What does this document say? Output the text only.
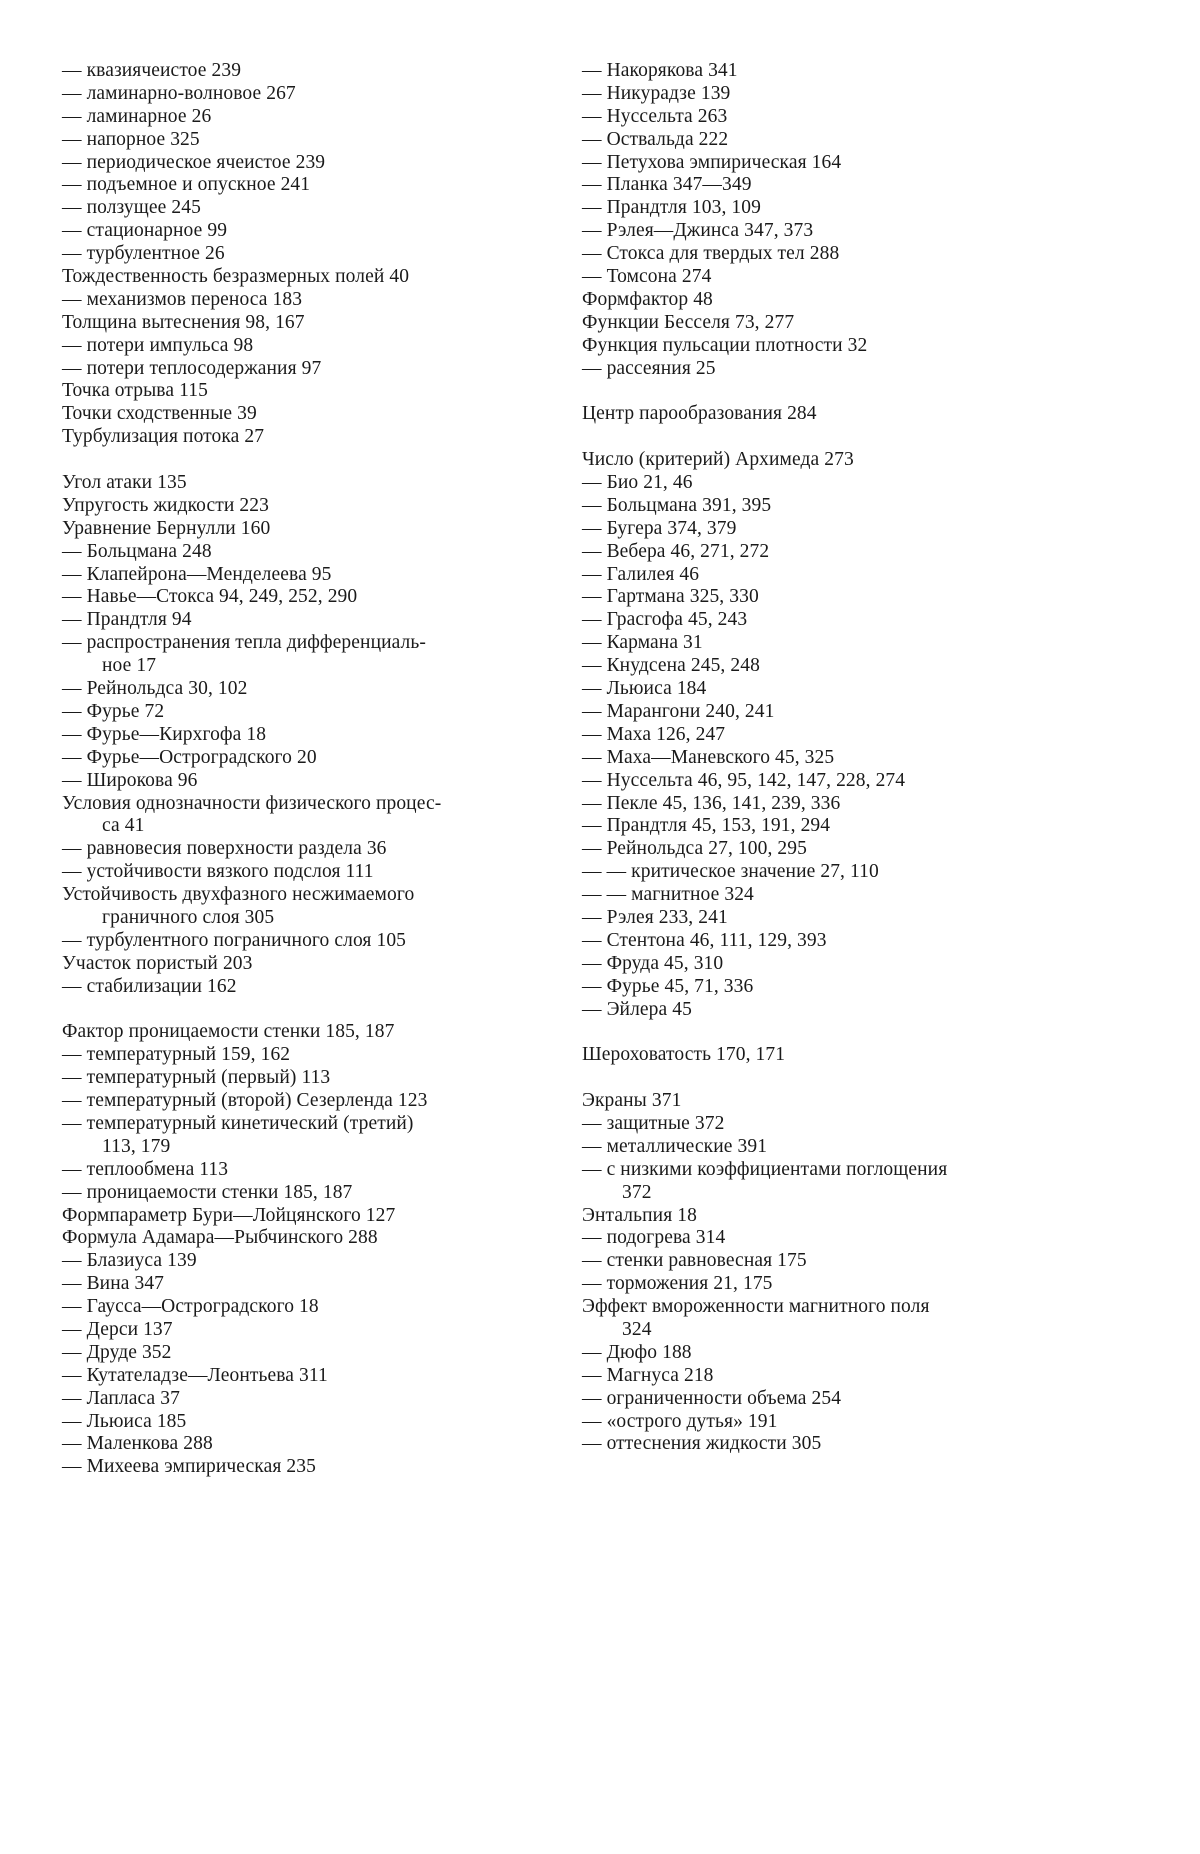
— квазиячеистое 239
— ламинарно-волновое 267
— ламинарное 26
— напорное 325
— периодическое ячеистое 239
— подъемное и опускное 241
— ползущее 245
— стационарное 99
— турбулентное 26
Тождественность безразмерных полей 40
— механизмов переноса 183
Толщина вытеснения 98, 167
— потери импульса 98
— потери теплосодержания 97
Точка отрыва 115
Точки сходственные 39
Турбулизация потока 27
Угол атаки 135
Упругость жидкости 223
Уравнение Бернулли 160
— Больцмана 248
— Клапейрона—Менделеева 95
— Навье—Стокса 94, 249, 252, 290
— Прандтля 94
— распространения тепла дифференциаль-
ное 17
— Рейнольдса 30, 102
— Фурье 72
— Фурье—Кирхгофа 18
— Фурье—Остроградского 20
— Широкова 96
Условия однозначности физического процес-
са 41
— равновесия поверхности раздела 36
— устойчивости вязкого подслоя 111
Устойчивость двухфазного несжимаемого
граничного слоя 305
— турбулентного пограничного слоя 105
Участок пористый 203
— стабилизации 162
Фактор проницаемости стенки 185, 187
— температурный 159, 162
— температурный (первый) 113
— температурный (второй) Сезерленда 123
— температурный кинетический (третий)
113, 179
— теплообмена 113
— проницаемости стенки 185, 187
Формпараметр Бури—Лойцянского 127
Формула Адамара—Рыбчинского 288
— Блазиуса 139
— Вина 347
— Гаусса—Остроградского 18
— Дерси 137
— Друде 352
— Кутателадзе—Леонтьева 311
— Лапласа 37
— Льюиса 185
— Маленкова 288
— Михеева эмпирическая 235
— Накорякова 341
— Никурадзе 139
— Нуссельта 263
— Оствальда 222
— Петухова эмпирическая 164
— Планка 347—349
— Прандтля 103, 109
— Рэлея—Джинса 347, 373
— Стокса для твердых тел 288
— Томсона 274
Формфактор 48
Функции Бесселя 73, 277
Функция пульсации плотности 32
— рассеяния 25
Центр парообразования 284
Число (критерий) Архимеда 273
— Био 21, 46
— Больцмана 391, 395
— Бугера 374, 379
— Вебера 46, 271, 272
— Галилея 46
— Гартмана 325, 330
— Грасгофа 45, 243
— Кармана 31
— Кнудсена 245, 248
— Льюиса 184
— Марангони 240, 241
— Маха 126, 247
— Маха—Маневского 45, 325
— Нуссельта 46, 95, 142, 147, 228, 274
— Пекле 45, 136, 141, 239, 336
— Прандтля 45, 153, 191, 294
— Рейнольдса 27, 100, 295
— — критическое значение 27, 110
— — магнитное 324
— Рэлея 233, 241
— Стентона 46, 111, 129, 393
— Фруда 45, 310
— Фурье 45, 71, 336
— Эйлера 45
Шероховатость 170, 171
Экраны 371
— защитные 372
— металлические 391
— с низкими коэффициентами поглощения
372
Энтальпия 18
— подогрева 314
— стенки равновесная 175
— торможения 21, 175
Эффект вмороженности магнитного поля
324
— Дюфо 188
— Магнуса 218
— ограниченности объема 254
— «острого дутья» 191
— оттеснения жидкости 305
